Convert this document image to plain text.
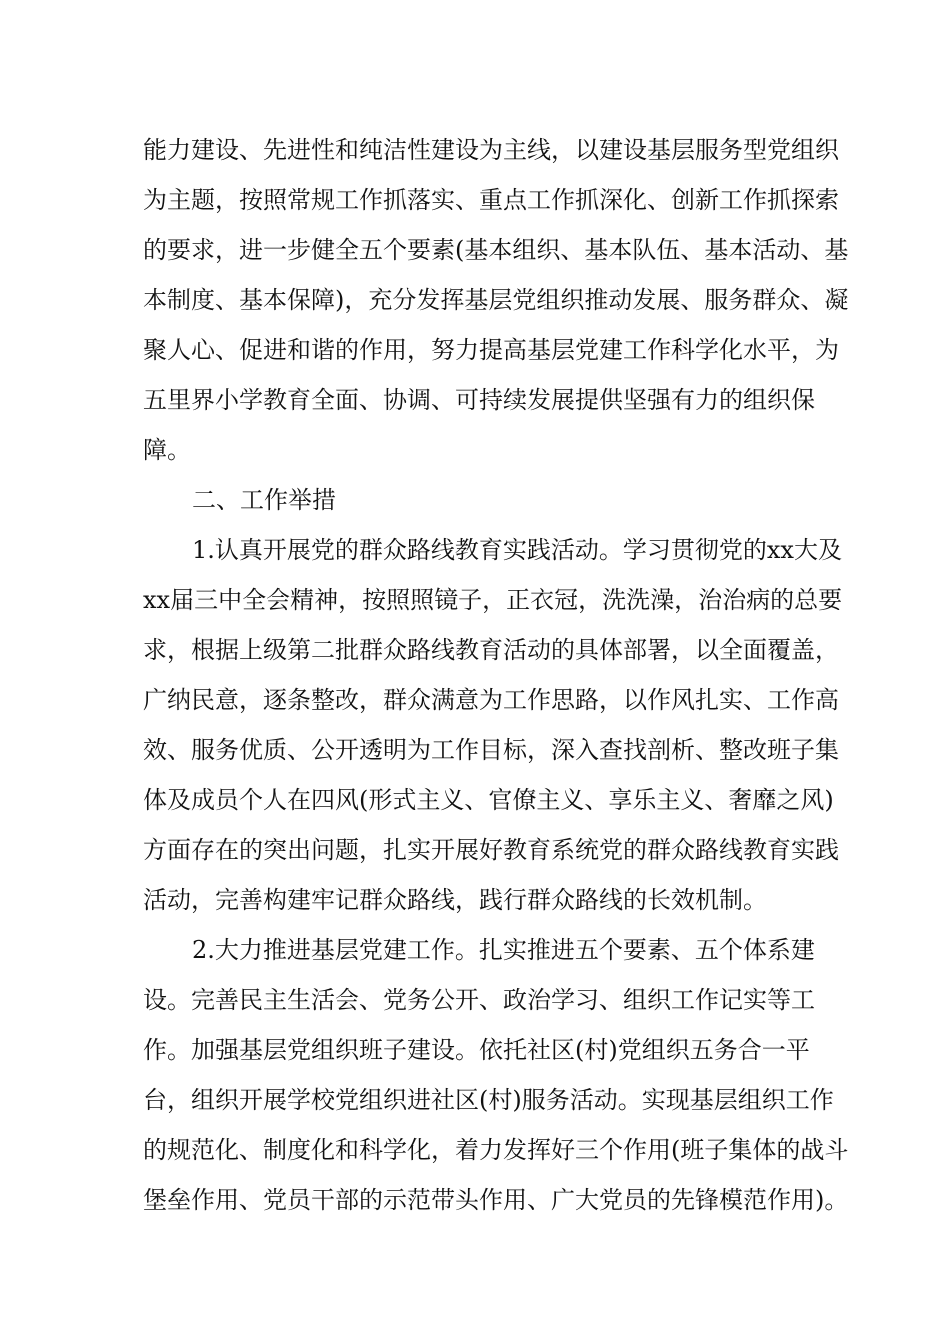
能力建设、先进性和纯洁性建设为主线，以建设基层服务型党组织
为主题，按照常规工作抓落实、重点工作抓深化、创新工作抓探索
的要求，进一步健全五个要素(基本组织、基本队伍、基本活动、基
本制度、基本保障)，充分发挥基层党组织推动发展、服务群众、凝
聚人心、促进和谐的作用，努力提高基层党建工作科学化水平，为
五里界小学教育全面、协调、可持续发展提供坚强有力的组织保
障。
二、工作举措
1.认真开展党的群众路线教育实践活动。学习贯彻党的xx大及
xx届三中全会精神，按照照镜子，正衣冠，洗洗澡，治治病的总要
求，根据上级第二批群众路线教育活动的具体部署，以全面覆盖，
广纳民意，逐条整改，群众满意为工作思路，以作风扎实、工作高
效、服务优质、公开透明为工作目标，深入查找剖析、整改班子集
体及成员个人在四风(形式主义、官僚主义、享乐主义、奢靡之风)
方面存在的突出问题，扎实开展好教育系统党的群众路线教育实践
活动，完善构建牢记群众路线，践行群众路线的长效机制。
2.大力推进基层党建工作。扎实推进五个要素、五个体系建
设。完善民主生活会、党务公开、政治学习、组织工作记实等工
作。加强基层党组织班子建设。依托社区(村)党组织五务合一平
台，组织开展学校党组织进社区(村)服务活动。实现基层组织工作
的规范化、制度化和科学化，着力发挥好三个作用(班子集体的战斗
堡垒作用、党员干部的示范带头作用、广大党员的先锋模范作用)。
